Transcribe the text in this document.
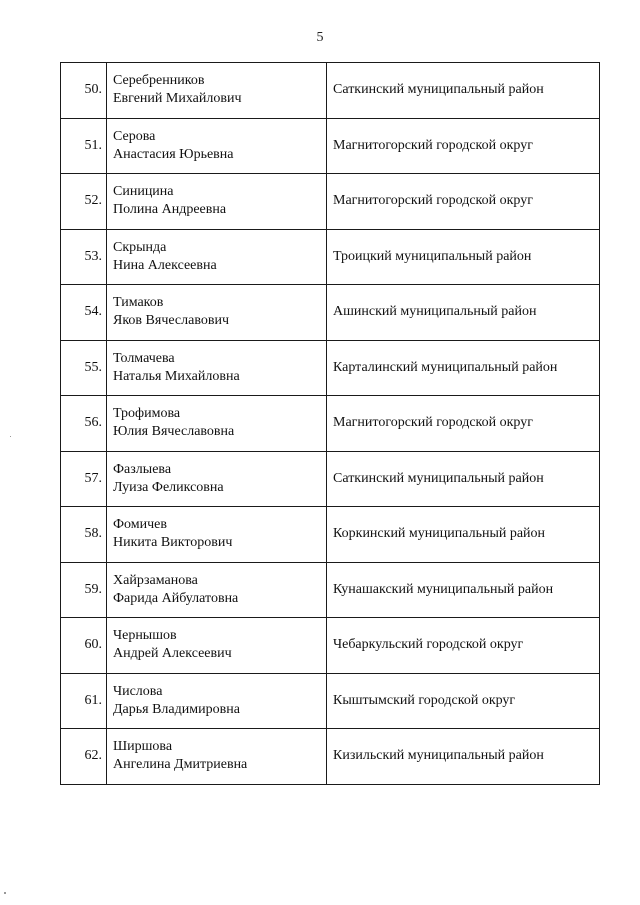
5
50.	Серебренников
Евгений Михайлович	Саткинский муниципальный район
51.	Серова
Анастасия Юрьевна	Магнитогорский городской округ
52.	Синицина
Полина Андреевна	Магнитогорский городской округ
53.	Скрында
Нина Алексеевна	Троицкий муниципальный район
54.	Тимаков
Яков Вячеславович	Ашинский муниципальный район
55.	Толмачева
Наталья Михайловна	Карталинский муниципальный район
56.	Трофимова
Юлия Вячеславовна	Магнитогорский городской округ
57.	Фазлыева
Луиза Феликсовна	Саткинский муниципальный район
58.	Фомичев
Никита Викторович	Коркинский муниципальный район
59.	Хайрзаманова
Фарида Айбулатовна	Кунашакский муниципальный район
60.	Чернышов
Андрей Алексеевич	Чебаркульский городской округ
61.	Числова
Дарья Владимировна	Кыштымский городской округ
62.	Ширшова
Ангелина Дмитриевна	Кизильский муниципальный район
